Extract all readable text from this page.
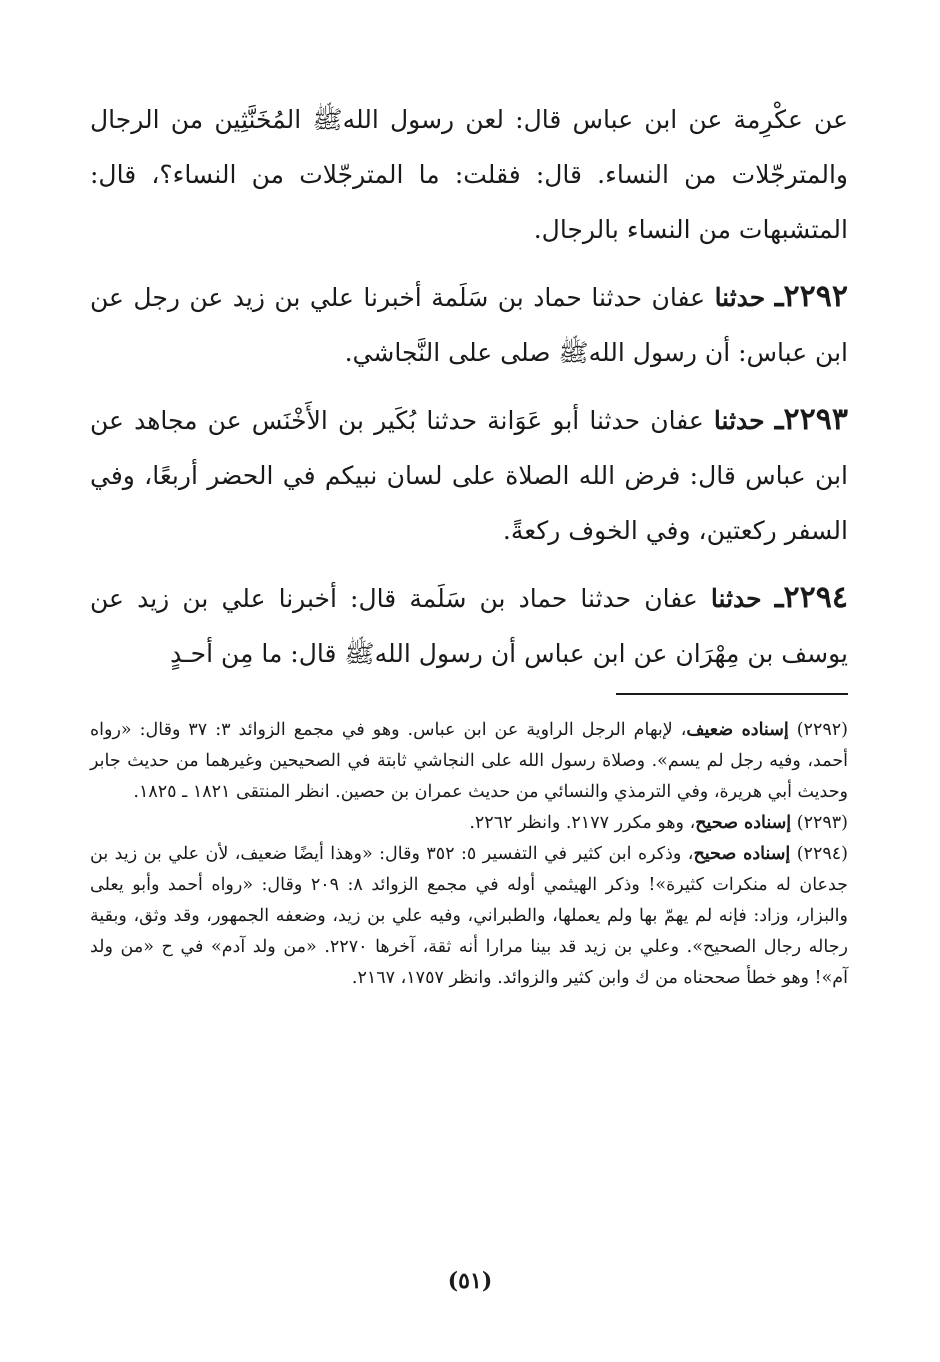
عن عكْرِمة عن ابن عباس قال: لعن رسول اللهﷺ المُخَنَّثِين من الرجال والمترجّلات من النساء. قال: فقلت: ما المترجّلات من النساء؟، قال: المتشبهات من النساء بالرجال.

٢٢٩٢ـ حدثنا عفان حدثنا حماد بن سَلَمة أخبرنا علي بن زيد عن رجل عن ابن عباس: أن رسول اللهﷺ صلى على النَّجاشي.

٢٢٩٣ـ حدثنا عفان حدثنا أبو عَوَانة حدثنا بُكَير بن الأَخْنَس عن مجاهد عن ابن عباس قال: فرض الله الصلاة على لسان نبيكم في الحضر أربعًا، وفي السفر ركعتين، وفي الخوف ركعةً.

٢٢٩٤ـ حدثنا عفان حدثنا حماد بن سَلَمة قال: أخبرنا علي بن زيد عن يوسف بن مِهْرَان عن ابن عباس أن رسول اللهﷺ قال: ما مِن أحـدٍ

(٢٢٩٢) إسناده ضعيف، لإبهام الرجل الراوية عن ابن عباس. وهو في مجمع الزوائد ٣: ٣٧ وقال: «رواه أحمد، وفيه رجل لم يسم». وصلاة رسول الله على النجاشي ثابتة في الصحيحين وغيرهما من حديث جابر وحديث أبي هريرة، وفي الترمذي والنسائي من حديث عمران بن حصين. انظر المنتقى ١٨٢١ ـ ١٨٢٥.
(٢٢٩٣) إسناده صحيح، وهو مكرر ٢١٧٧. وانظر ٢٢٦٢.
(٢٢٩٤) إسناده صحيح، وذكره ابن كثير في التفسير ٥: ٣٥٢ وقال: «وهذا أيضًا ضعيف، لأن علي بن زيد بن جدعان له منكرات كثيرة»! وذكر الهيثمي أوله في مجمع الزوائد ٨: ٢٠٩ وقال: «رواه أحمد وأبو يعلى والبزار، وزاد: فإنه لم يهمّ بها ولم يعملها، والطبراني، وفيه علي بن زيد، وضعفه الجمهور، وقد وثق، وبقية رجاله رجال الصحيح». وعلي بن زيد قد بينا مرارا أنه ثقة، آخرها ٢٢٧٠. «من ولد آدم» في ح «من ولد آم»! وهو خطأ صححناه من ك وابن كثير والزوائد. وانظر ١٧٥٧، ٢١٦٧.
(٥١)
